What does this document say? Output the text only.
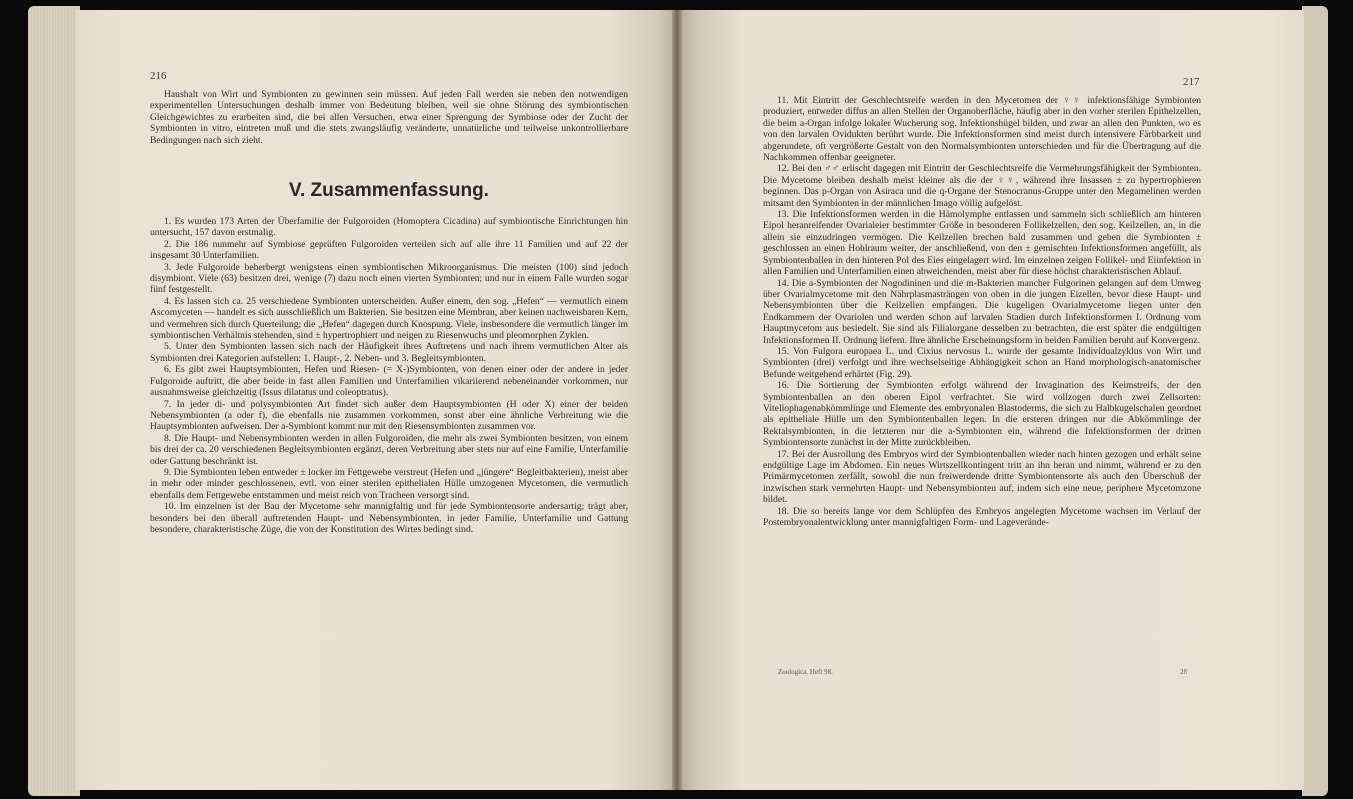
216

Haushalt von Wirt und Symbionten zu gewinnen sein müssen. Auf jeden Fall werden sie neben den notwendigen experimentellen Untersuchungen deshalb immer von Bedeutung bleiben, weil sie ohne Störung des symbiontischen Gleichgewichtes zu erarbeiten sind, die bei allen Versuchen, etwa einer Sprengung der Symbiose oder der Zucht der Symbionten in vitro, eintreten muß und die stets zwangsläufig veränderte, unnatürliche und teilweise unkontrollierbare Bedingungen nach sich zieht.

V. Zusammenfassung.

1. Es wurden 173 Arten der Überfamilie der Fulgoroiden (Homoptera Cicadina) auf symbiontische Einrichtungen hin untersucht, 157 davon erstmalig.

2. Die 186 nunmehr auf Symbiose geprüften Fulgoroiden verteilen sich auf alle ihre 11 Familien und auf 22 der insgesamt 30 Unterfamilien.

3. Jede Fulgoroide beherbergt wenigstens einen symbiontischen Mikroorganismus. Die meisten (100) sind jedoch disymbiont. Viele (63) besitzen drei, wenige (7) dazu noch einen vierten Symbionten; und nur in einem Falle wurden sogar fünf festgestellt.

4. Es lassen sich ca. 25 verschiedene Symbionten unterscheiden. Außer einem, den sog. „Hefen“ — vermutlich einem Ascomyceten — handelt es sich ausschließlich um Bakterien. Sie besitzen eine Membran, aber keinen nachweisbaren Kern, und vermehren sich durch Querteilung; die „Hefen“ dagegen durch Knospung. Viele, insbesondere die vermutlich länger im symbiontischen Verhältnis stehenden, sind ± hypertrophiert und neigen zu Riesenwuchs und pleomorphen Zyklen.

5. Unter den Symbionten lassen sich nach der Häufigkeit ihres Auftretens und nach ihrem vermutlichen Alter als Symbionten drei Kategorien aufstellen: 1. Haupt-, 2. Neben- und 3. Begleitsymbionten.

6. Es gibt zwei Hauptsymbionten, Hefen und Riesen- (= X-)Symbionten, von denen einer oder der andere in jeder Fulgoroide auftritt, die aber beide in fast allen Familien und Unterfamilien vikariierend nebeneinander vorkommen, nur ausnahmsweise gleichzeitig (Issus dilatatus und coleoptratus).

7. In jeder di- und polysymbionten Art findet sich außer dem Hauptsymbionten (H oder X) einer der beiden Nebensymbionten (a oder f), die ebenfalls nie zusammen vorkommen, sonst aber eine ähnliche Verbreitung wie die Hauptsymbionten aufweisen. Der a-Symbiont kommt nur mit den Riesensymbionten zusammen vor.

8. Die Haupt- und Nebensymbionten werden in allen Fulgoroiden, die mehr als zwei Symbionten besitzen, von einem bis drei der ca. 20 verschiedenen Begleitsymbionten ergänzt, deren Verbreitung aber stets nur auf eine Familie, Unterfamilie oder Gattung beschränkt ist.

9. Die Symbionten leben entweder ± locker im Fettgewebe verstreut (Hefen und „jüngere“ Begleitbakterien), meist aber in mehr oder minder geschlossenen, evtl. von einer sterilen epithelialen Hülle umzogenen Mycetomen, die vermutlich ebenfalls dem Fettgewebe entstammen und meist reich von Tracheen versorgt sind.

10. Im einzelnen ist der Bau der Mycetome sehr mannigfaltig und für jede Symbiontensorte andersartig; trägt aber, besonders bei den überall auftretenden Haupt- und Nebensymbionten, in jeder Familie, Unterfamilie und Gattung besondere, charakteristische Züge, die von der Konstitution des Wirtes bedingt sind.

217

11. Mit Eintritt der Geschlechtsreife werden in den Mycetomen der ♀♀ infektionsfähige Symbionten produziert, entweder diffus an allen Stellen der Organoberfläche, häufig aber in den vorher sterilen Epithelzellen, die beim a-Organ infolge lokaler Wucherung sog. Infektionshügel bilden, und zwar an allen den Punkten, wo es von den larvalen Ovidukten berührt wurde. Die Infektionsformen sind meist durch intensivere Färbbarkeit und abgerundete, oft vergrößerte Gestalt von den Normalsymbionten unterschieden und für die Übertragung auf die Nachkommen offenbar geeigneter.

12. Bei den ♂♂ erlischt dagegen mit Eintritt der Geschlechtsreife die Vermehrungsfähigkeit der Symbionten. Die Mycetome bleiben deshalb meist kleiner als die der ♀♀, während ihre Insassen ± zu hypertrophieren beginnen. Das p-Organ von Asiraca und die q-Organe der Stenocranus-Gruppe unter den Megamelinen werden mitsamt den Symbionten in der männlichen Imago völlig aufgelöst.

13. Die Infektionsformen werden in die Hämolymphe entlassen und sammeln sich schließlich am hinteren Eipol heranreifender Ovarialeier bestimmter Größe in besonderen Follikelzellen, den sog. Keilzellen, an, in die allein sie einzudringen vermögen. Die Keilzellen brechen bald zusammen und geben die Symbionten ± geschlossen an einen Hohlraum weiter, der anschließend, von den ± gemischten Infektionsformen angefüllt, als Symbiontenballen in den hinteren Pol des Eies eingelagert wird. Im einzelnen zeigen Follikel- und Eiinfektion in allen Familien und Unterfamilien einen abweichenden, meist aber für diese höchst charakteristischen Ablauf.

14. Die a-Symbionten der Nogodininen und die m-Bakterien mancher Fulgorinen gelangen auf dem Umweg über Ovarialmycetome mit den Nährplasmasträngen von oben in die jungen Eizellen, bevor diese Haupt- und Nebensymbionten über die Keilzellen empfangen. Die kugeligen Ovarialmycetome liegen unter den Endkammern der Ovariolen und werden schon auf larvalen Stadien durch Infektionsformen I. Ordnung vom Hauptmycetom aus besiedelt. Sie sind als Filialorgane desselben zu betrachten, die erst später die endgültigen Infektionsformen II. Ordnung liefern. Ihre ähnliche Erscheinungsform in beiden Familien beruht auf Konvergenz.

15. Von Fulgora europaea L. und Cixius nervosus L. wurde der gesamte Individualzyklus von Wirt und Symbionten (drei) verfolgt und ihre wechselseitige Abhängigkeit schon an Hand morphologisch-anatomischer Befunde weitgehend erhärtet (Fig. 29).

16. Die Sortierung der Symbionten erfolgt während der Invagination des Keimstreifs, der den Symbiontenballen an den oberen Eipol verfrachtet. Sie wird vollzogen durch zwei Zellsorten: Vitellophagenabkömmlinge und Elemente des embryonalen Blastoderms, die sich zu Halbkugelschalen geordnet als epitheliale Hülle um den Symbiontenballen legen. In die ersteren dringen nur die Abkömmlinge der Rektalsymbionten, in die letzteren nur die a-Symbionten ein, während die Infektionsformen der dritten Symbiontensorte zunächst in der Mitte zurückbleiben.

17. Bei der Ausrollung des Embryos wird der Symbiontenballen wieder nach hinten gezogen und erhält seine endgültige Lage im Abdomen. Ein neues Wirtszellkontingent tritt an ihn heran und nimmt, während er zu den Primärmycetomen zerfällt, sowohl die nun freiwerdende dritte Symbiontensorte als auch den Überschuß der inzwischen stark vermehrten Haupt- und Nebensymbionten auf, indem sich eine neue, periphere Mycetomzone bildet.

18. Die so bereits lange vor dem Schlüpfen des Embryos angelegten Mycetome wachsen im Verlauf der Postembryonalentwicklung unter mannigfaltigen Form- und Lageverände-

Zoologica. Heft 98.	28
